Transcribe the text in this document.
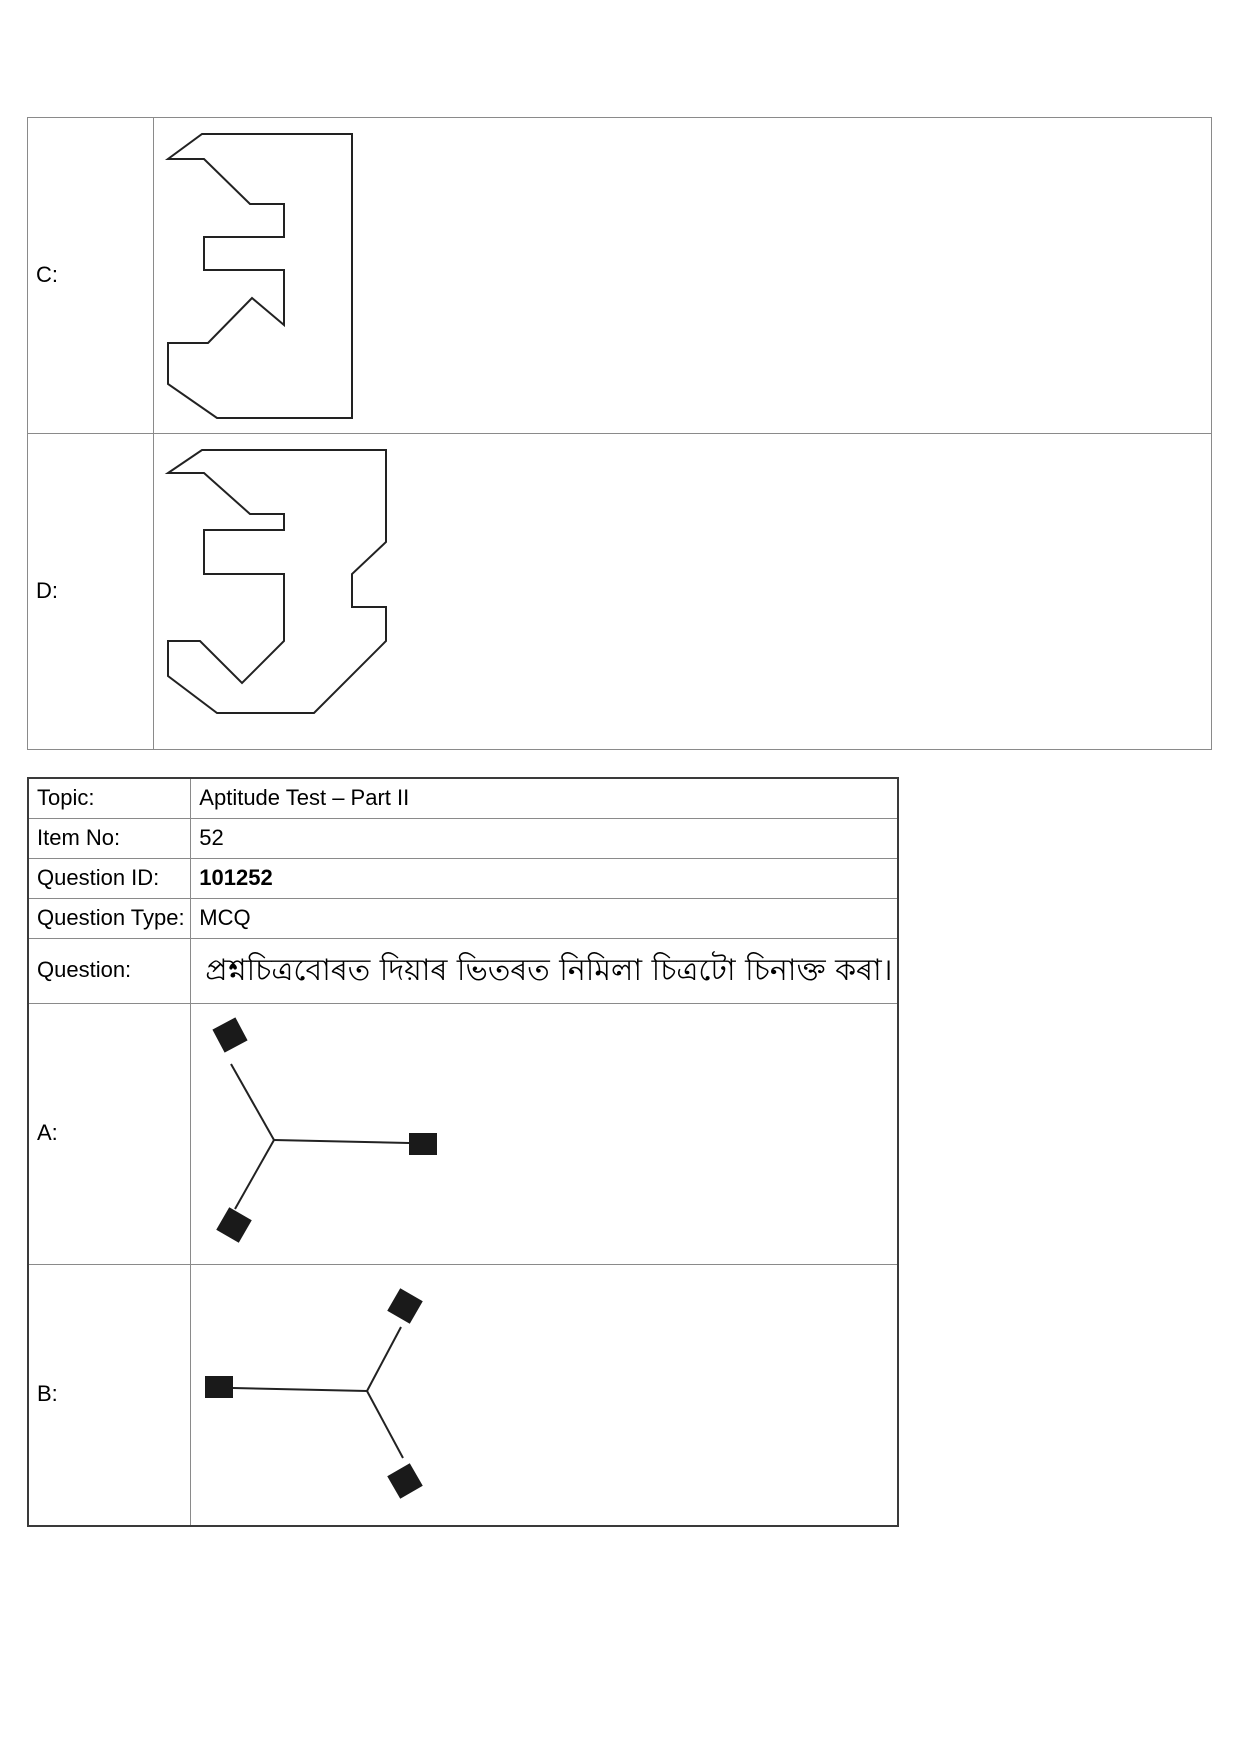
C:	

D:	
Topic:	Aptitude Test – Part II
Item No:	52
Question ID:	101252
Question Type:	MCQ
Question:	প্রশ্নচিত্রবোৰত দিয়াৰ ভিতৰত নিমিলা চিত্ৰটো চিনাক্ত কৰা।
A:	

B:	
